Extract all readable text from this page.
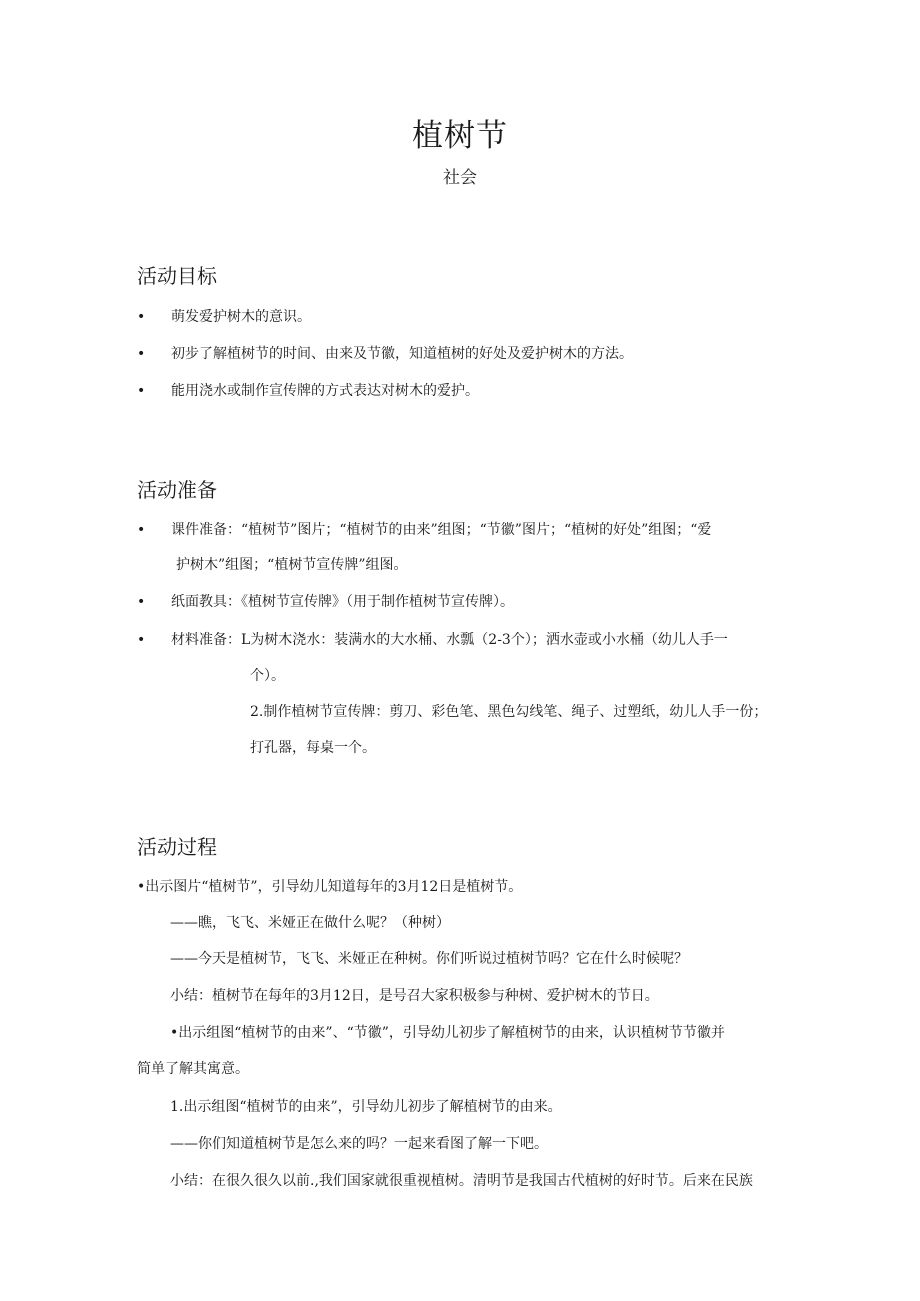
植树节
社会
活动目标
• 萌发爱护树木的意识。
• 初步了解植树节的时间、由来及节徽，知道植树的好处及爱护树木的方法。
• 能用浇水或制作宣传牌的方式表达对树木的爱护。
活动准备
• 课件准备：“植树节”图片；“植树节的由来”组图；“节徽”图片；“植树的好处”组图；“爱
护树木”组图；“植树节宣传牌”组图。
• 纸面教具：《植树节宣传牌》（用于制作植树节宣传牌）。
• 材料准备：L为树木浇水：装满水的大水桶、水瓢（2-3个）；洒水壶或小水桶（幼儿人手一
个）。
2.制作植树节宣传牌：剪刀、彩色笔、黑色勾线笔、绳子、过塑纸，幼儿人手一份；
打孔器，每桌一个。
活动过程
•出示图片“植树节”，引导幼儿知道每年的3月12日是植树节。
——瞧，飞飞、米娅正在做什么呢？（种树）
——今天是植树节，飞飞、米娅正在种树。你们听说过植树节吗？它在什么时候呢？
小结：植树节在每年的3月12日，是号召大家积极参与种树、爱护树木的节日。
•出示组图“植树节的由来”、“节徽”，引导幼儿初步了解植树节的由来，认识植树节节徽并
简单了解其寓意。
1.出示组图“植树节的由来”，引导幼儿初步了解植树节的由来。
——你们知道植树节是怎么来的吗？一起来看图了解一下吧。
小结：在很久很久以前.,我们国家就很重视植树。清明节是我国古代植树的好时节。后来在民族
